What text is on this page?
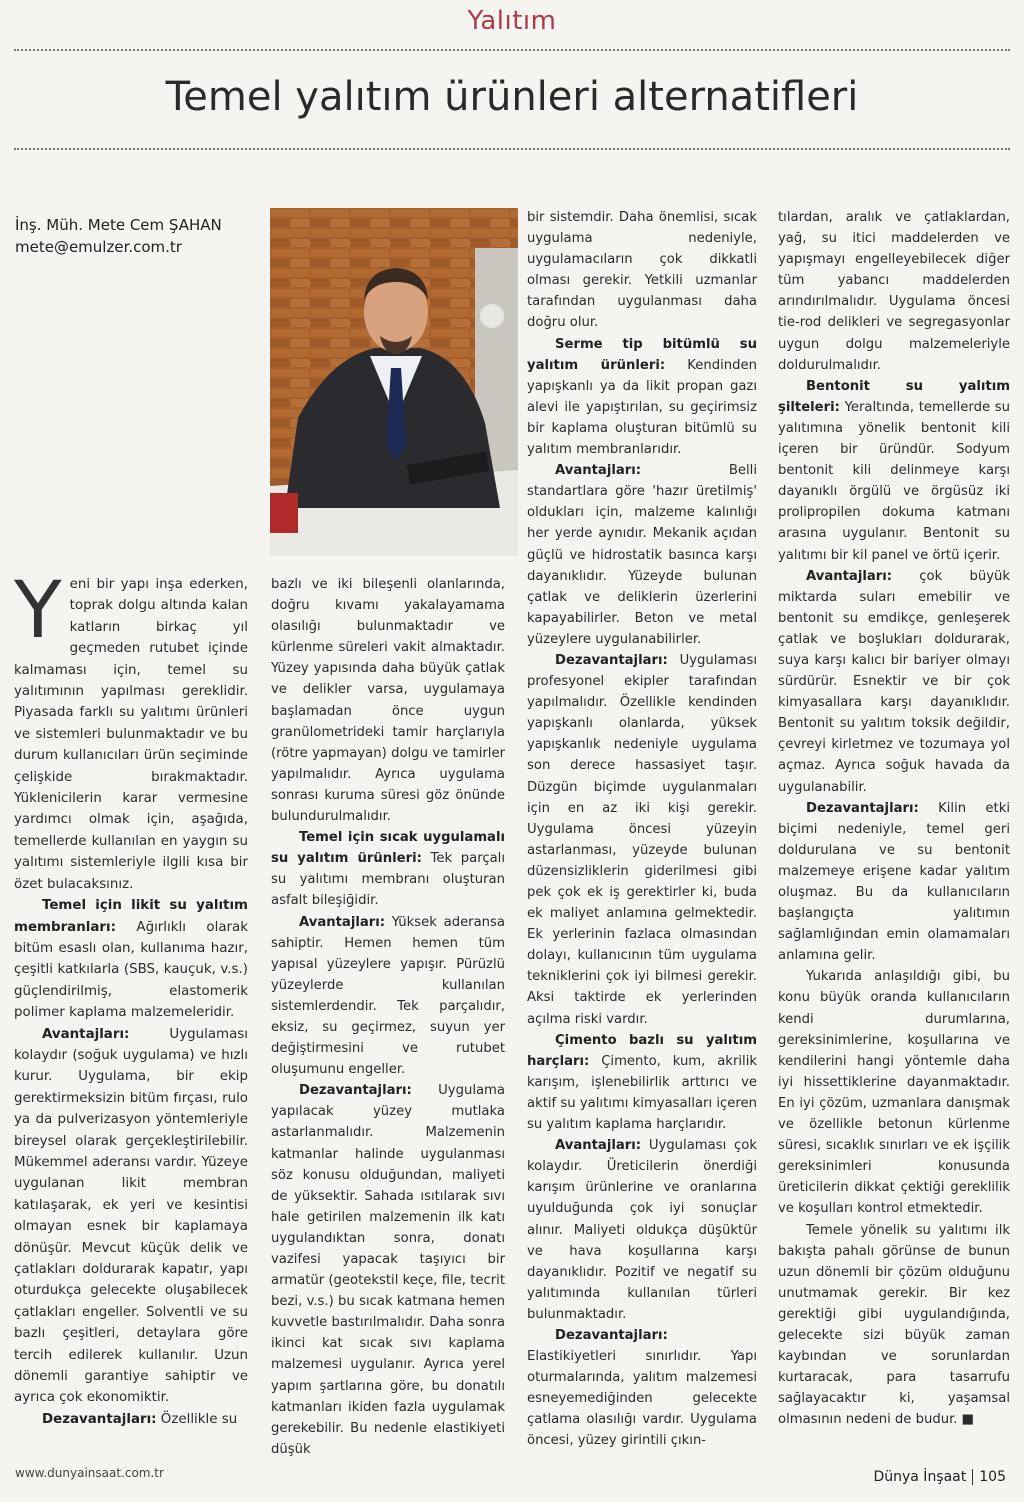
Yalıtım
Temel yalıtım ürünleri alternatifleri
İnş. Müh. Mete Cem ŞAHAN
mete@emulzer.com.tr

Yeni bir yapı inşa ederken, toprak dolgu altında kalan katların birkaç yıl geçmeden rutubet içinde kalmaması için, temel su yalıtımının yapılması gereklidir. Piyasada farklı su yalıtımı ürünleri ve sistemleri bulunmaktadır ve bu durum kullanıcıları ürün seçiminde çelişkide bırakmaktadır. Yüklenicilerin karar vermesine yardımcı olmak için, aşağıda, temellerde kullanılan en yaygın su yalıtımı sistemleriyle ilgili kısa bir özet bulacaksınız.

Temel için likit su yalıtım membranları: Ağırlıklı olarak bitüm esaslı olan, kullanıma hazır, çeşitli katkılarla (SBS, kauçuk, v.s.) güçlendirilmiş, elastomerik polimer kaplama malzemeleridir.

Avantajları: Uygulaması kolaydır (soğuk uygulama) ve hızlı kurur. Uygulama, bir ekip gerektirmeksizin bitüm fırçası, rulo ya da pulverizasyon yöntemleriyle bireysel olarak gerçekleştirilebilir. Mükemmel aderansı vardır. Yüzeye uygulanan likit membran katılaşarak, ek yeri ve kesintisi olmayan esnek bir kaplamaya dönüşür. Mevcut küçük delik ve çatlakları doldurarak kapatır, yapı oturdukça gelecekte oluşabilecek çatlakları engeller. Solventli ve su bazlı çeşitleri, detaylara göre tercih edilerek kullanılır. Uzun dönemli garantiye sahiptir ve ayrıca çok ekonomiktir.

Dezavantajları: Özellikle su

bazlı ve iki bileşenli olanlarında, doğru kıvamı yakalayamama olasılığı bulunmaktadır ve kürlenme süreleri vakit almaktadır. Yüzey yapısında daha büyük çatlak ve delikler varsa, uygulamaya başlamadan önce uygun granülometrideki tamir harçlarıyla (rötre yapmayan) dolgu ve tamirler yapılmalıdır. Ayrıca uygulama sonrası kuruma süresi göz önünde bulundurulmalıdır.

Temel için sıcak uygulamalı su yalıtım ürünleri: Tek parçalı su yalıtımı membranı oluşturan asfalt bileşiğidir.

Avantajları: Yüksek aderansa sahiptir. Hemen hemen tüm yapısal yüzeylere yapışır. Pürüzlü yüzeylerde kullanılan sistemlerdendir. Tek parçalıdır, eksiz, su geçirmez, suyun yer değiştirmesini ve rutubet oluşumunu engeller.

Dezavantajları: Uygulama yapılacak yüzey mutlaka astarlanmalıdır. Malzemenin katmanlar halinde uygulanması söz konusu olduğundan, maliyeti de yüksektir. Sahada ısıtılarak sıvı hale getirilen malzemenin ilk katı uygulandıktan sonra, donatı vazifesi yapacak taşıyıcı bir armatür (geotekstil keçe, file, tecrit bezi, v.s.) bu sıcak katmana hemen kuvvetle bastırılmalıdır. Daha sonra ikinci kat sıcak sıvı kaplama malzemesi uygulanır. Ayrıca yerel yapım şartlarına göre, bu donatılı katmanları ikiden fazla uygulamak gerekebilir. Bu nedenle elastikiyeti düşük

bir sistemdir. Daha önemlisi, sıcak uygulama nedeniyle, uygulamacıların çok dikkatli olması gerekir. Yetkili uzmanlar tarafından uygulanması daha doğru olur.

Serme tip bitümlü su yalıtım ürünleri: Kendinden yapışkanlı ya da likit propan gazı alevi ile yapıştırılan, su geçirimsiz bir kaplama oluşturan bitümlü su yalıtım membranlarıdır.

Avantajları: Belli standartlara göre 'hazır üretilmiş' oldukları için, malzeme kalınlığı her yerde aynıdır. Mekanik açıdan güçlü ve hidrostatik basınca karşı dayanıklıdır. Yüzeyde bulunan çatlak ve deliklerin üzerlerini kapayabilirler. Beton ve metal yüzeylere uygulanabilirler.

Dezavantajları: Uygulaması profesyonel ekipler tarafından yapılmalıdır. Özellikle kendinden yapışkanlı olanlarda, yüksek yapışkanlık nedeniyle uygulama son derece hassasiyet taşır. Düzgün biçimde uygulanmaları için en az iki kişi gerekir. Uygulama öncesi yüzeyin astarlanması, yüzeyde bulunan düzensizliklerin giderilmesi gibi pek çok ek iş gerektirler ki, buda ek maliyet anlamına gelmektedir. Ek yerlerinin fazlaca olmasından dolayı, kullanıcının tüm uygulama tekniklerini çok iyi bilmesi gerekir. Aksi taktirde ek yerlerinden açılma riski vardır.

Çimento bazlı su yalıtım harçları: Çimento, kum, akrilik karışım, işlenebilirlik arttırıcı ve aktif su yalıtımı kimyasalları içeren su yalıtım kaplama harçlarıdır.

Avantajları: Uygulaması çok kolaydır. Üreticilerin önerdiği karışım ürünlerine ve oranlarına uyulduğunda çok iyi sonuçlar alınır. Maliyeti oldukça düşüktür ve hava koşullarına karşı dayanıklıdır. Pozitif ve negatif su yalıtımında kullanılan türleri bulunmaktadır.

Dezavantajları: Elastikiyetleri sınırlıdır. Yapı oturmalarında, yalıtım malzemesi esneyemediğinden gelecekte çatlama olasılığı vardır. Uygulama öncesi, yüzey girintili çıkın-

tılardan, aralık ve çatlaklardan, yağ, su itici maddelerden ve yapışmayı engelleyebilecek diğer tüm yabancı maddelerden arındırılmalıdır. Uygulama öncesi tie-rod delikleri ve segregasyonlar uygun dolgu malzemeleriyle doldurulmalıdır.

Bentonit su yalıtım şilteleri: Yeraltında, temellerde su yalıtımına yönelik bentonit kili içeren bir üründür. Sodyum bentonit kili delinmeye karşı dayanıklı örgülü ve örgüsüz iki prolipropilen dokuma katmanı arasına uygulanır. Bentonit su yalıtımı bir kil panel ve örtü içerir.

Avantajları: çok büyük miktarda suları emebilir ve bentonit su emdikçe, genleşerek çatlak ve boşlukları doldurarak, suya karşı kalıcı bir bariyer olmayı sürdürür. Esnektir ve bir çok kimyasallara karşı dayanıklıdır. Bentonit su yalıtım toksik değildir, çevreyi kirletmez ve tozumaya yol açmaz. Ayrıca soğuk havada da uygulanabilir.

Dezavantajları: Kilin etki biçimi nedeniyle, temel geri doldurulana ve su bentonit malzemeye erişene kadar yalıtım oluşmaz. Bu da kullanıcıların başlangıçta yalıtımın sağlamlığından emin olamamaları anlamına gelir.

Yukarıda anlaşıldığı gibi, bu konu büyük oranda kullanıcıların kendi durumlarına, gereksinimlerine, koşullarına ve kendilerini hangi yöntemle daha iyi hissettiklerine dayanmaktadır. En iyi çözüm, uzmanlara danışmak ve özellikle betonun kürlenme süresi, sıcaklık sınırları ve ek işçilik gereksinimleri konusunda üreticilerin dikkat çektiği gereklilik ve koşulları kontrol etmektedir.

Temele yönelik su yalıtımı ilk bakışta pahalı görünse de bunun uzun dönemli bir çözüm olduğunu unutmamak gerekir. Bir kez gerektiği gibi uygulandığında, gelecekte sizi büyük zaman kaybından ve sorunlardan kurtaracak, para tasarrufu sağlayacaktır ki, yaşamsal olmasının nedeni de budur. ■

www.dunyainsaat.com.tr	Dünya İnşaat 105
